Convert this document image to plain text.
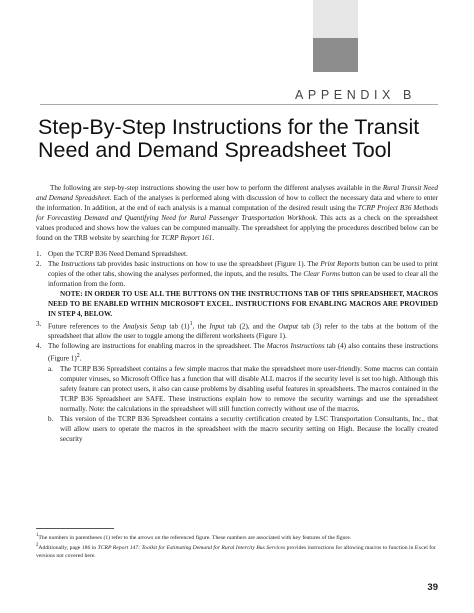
APPENDIX B
Step-By-Step Instructions for the Transit Need and Demand Spreadsheet Tool

The following are step-by-step instructions showing the user how to perform the different analyses available in the Rural Transit Need and Demand Spreadsheet. Each of the analyses is performed along with discussion of how to collect the necessary data and where to enter the information. In addition, at the end of each analysis is a manual computation of the desired result using the TCRP Project B36 Methods for Forecasting Demand and Quantifying Need for Rural Passenger Transportation Workbook. This acts as a check on the spreadsheet values produced and shows how the values can be computed manually. The spreadsheet for applying the procedures described below can be found on the TRB website by searching for TCRP Report 161.

1. Open the TCRP B36 Need Demand Spreadsheet.
2. The Instructions tab provides basic instructions on how to use the spreadsheet (Figure 1). The Print Reports button can be used to print copies of the other tabs, showing the analyses performed, the inputs, and the results. The Clear Forms button can be used to clear all the information from the form.

NOTE: IN ORDER TO USE ALL THE BUTTONS ON THE INSTRUCTIONS TAB OF THIS SPREADSHEET, MACROS NEED TO BE ENABLED WITHIN MICROSOFT EXCEL. INSTRUCTIONS FOR ENABLING MACROS ARE PROVIDED IN STEP 4, BELOW.

3. Future references to the Analysis Setup tab $(1)^1$, the Input tab (2), and the Output tab (3) refer to the tabs at the bottom of the spreadsheet that allow the user to toggle among the different worksheets (Figure 1).
4. The following are instructions for enabling macros in the spreadsheet. The Macros Instructions tab (4) also contains these instructions (Figure 1)$^2$.
a. The TCRP B36 Spreadsheet contains a few simple macros that make the spreadsheet more user-friendly. Some macros can contain computer viruses, so Microsoft Office has a function that will disable ALL macros if the security level is set too high. Although this safety feature can protect users, it also can cause problems by disabling useful features in spreadsheets. The macros contained in the TCRP B36 Spreadsheet are SAFE. These instructions explain how to remove the security warnings and use the spreadsheet normally. Note: the calculations in the spreadsheet will still function correctly without use of the macros.
b. This version of the TCRP B36 Spreadsheet contains a security certification created by LSC Transportation Consultants, Inc., that will allow users to operate the macros in the spreadsheet with the macro security setting on High. Because the locally created security

$^1$The numbers in parentheses (1) refer to the arrows on the referenced figure. These numbers are associated with key features of the figure.

$^2$Additionally, page 186 in TCRP Report 147: Toolkit for Estimating Demand for Rural Intercity Bus Services provides instructions for allowing macros to function in Excel for versions not covered here.

39
